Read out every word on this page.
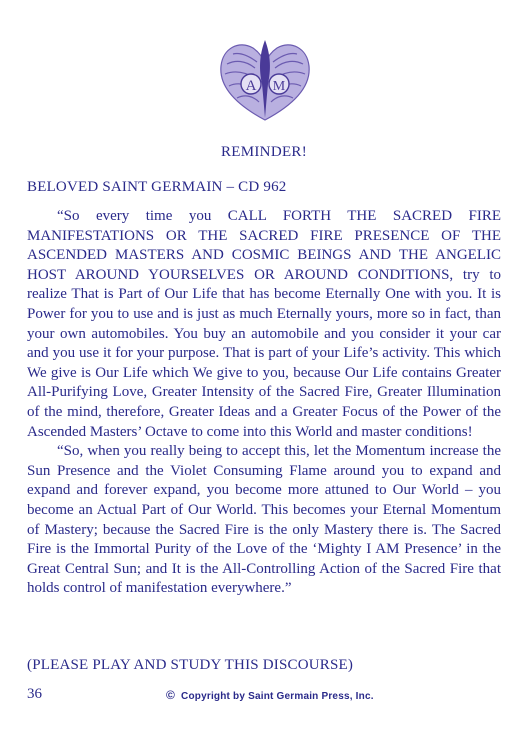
A M
REMINDER!
BELOVED SAINT GERMAIN – CD 962

“So every time you CALL FORTH THE SACRED FIRE MANIFESTATIONS OR THE SACRED FIRE PRESENCE OF THE ASCENDED MASTERS AND COSMIC BEINGS AND THE ANGELIC HOST AROUND YOURSELVES OR AROUND CONDITIONS, try to realize That is Part of Our Life that has become Eternally One with you. It is Power for you to use and is just as much Eternally yours, more so in fact, than your own automobiles. You buy an automobile and you consider it your car and you use it for your purpose. That is part of your Life’s activity. This which We give is Our Life which We give to you, because Our Life contains Greater All-Purifying Love, Greater Intensity of the Sacred Fire, Greater Illumination of the mind, therefore, Greater Ideas and a Greater Focus of the Power of the Ascended Masters’ Octave to come into this World and master conditions!

“So, when you really being to accept this, let the Momentum increase the Sun Presence and the Violet Consuming Flame around you to expand and expand and forever expand, you become more attuned to Our World – you become an Actual Part of Our World. This becomes your Eternal Momentum of Mastery; because the Sacred Fire is the only Mastery there is. The Sacred Fire is the Immortal Purity of the Love of the ‘Mighty I AM Presence’ in the Great Central Sun; and It is the All-Controlling Action of the Sacred Fire that holds control of manifestation everywhere.”

(PLEASE PLAY AND STUDY THIS DISCOURSE)
36	© Copyright by Saint Germain Press, Inc.
